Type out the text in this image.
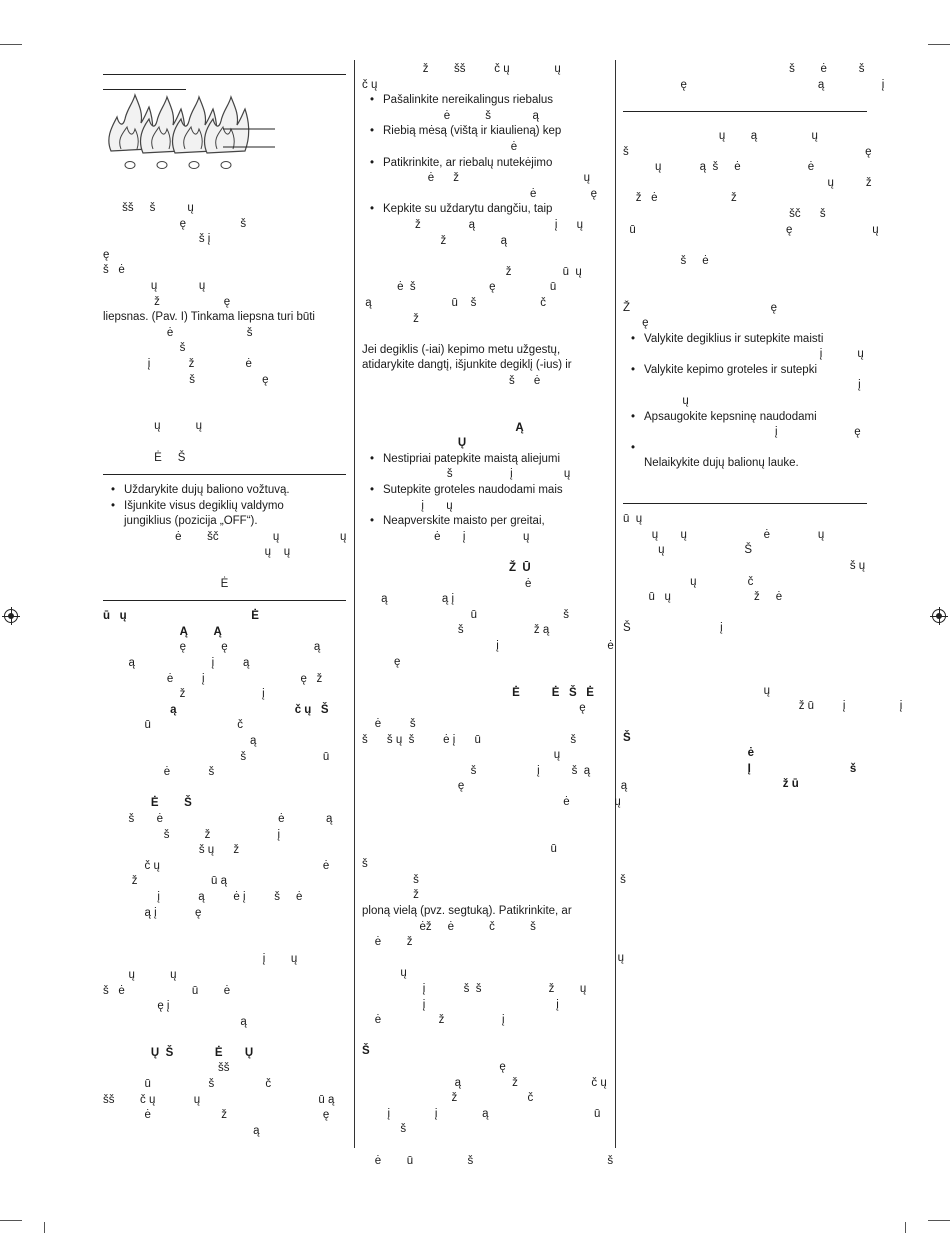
šš     š          ų
ę                 š
š į
ę
š   ė
ų             ų
ž                    ę
liepsnas. (Pav. I) Tinkama liepsna turi būti
ė                       š
š
į            ž                ė
š                     ę
ų           ų
Ė     Š
• Uždarykite dujų baliono vožtuvą.
• Išjunkite visus degiklių valdymo
jungiklius (pozicija „OFF“).
ė        šč                 ų                   ų
ų    ų
Ė
ū   ų                                       Ė
Ą        Ą
ę           ę                           ą
ą                        į         ą
ė         į                              ę   ž
ž                        į
ą                                     č ų   Š
ū                           č
ą
š                        ū
ė            š
Ė        Š
š       ė                                    ė             ą
š           ž                     į
š ų      ž
č ų                                                   ė
ž                       ū ą
į            ą         ė į         š     ė
ą į            ę
į        ų
ų           ų
š   ė                     ū        ė
ę į
ą
Ų  Š             Ė       Ų
šš
ū                  š                č
šš        č ų            ų                                     ū ą
ė                      ž                              ę
ą
ž        šš         č ų              ų
č ų
• Pašalinkite nereikalingus riebalus
ė           š             ą
• Riebią mėsą (vištą ir kiaulieną) kep
ė
• Patikrinkite, ar riebalų nutekėjimo
ė      ž                                       ų
ė                 ę
• Kepkite su uždarytu dangčiu, taip
ž               ą                         į      ų
ž                 ą
ž                ū  ų
ė  š                       ę                 ū
ą                         ū    š                    č
ž
Jei degiklis (-iai) kepimo metu užgestų,
atidarykite dangtį, išjunkite degiklį (-ius) ir
š      ė
Ą
Ų
• Nestipriai patepkite maistą aliejumi
š                  į                ų
• Sutepkite groteles naudodami mais
į       ų
• Neapverskite maisto per greitai,
ė       į                  ų
Ž  Ū
ė
ą                 ą į
ū                           š
š                      ž ą
į                                  ė
ę
Ė          Ė   Š   Ė
ę
ė         š
š      š ų  š         ė į      ū                            š
ų
š                   į          š  ą
ę                                                 ą
ė              ų
ū
š
š                                                               š
ž
ploną vielą (pvz. segtuką). Patikrinkite, ar
ėž     ė           č           š
ė        ž
ų
ų
į            š  š                     ž        ų
į                                         į
ė                  ž                  į
Š
ę
ą                ž                       č ų
ž                      č
į              į              ą                                 ū
š
ė        ū                 š                                          š
š        ė          š
ę                                         ą                  į
ų        ą                 ų
š                                                                          ę
ų            ą  š     ė                     ė
ų          ž
ž   ė                       ž
šč      š
ū                                               ę                         ų
š     ė
Ž                                            ę
ę
• Valykite degiklius ir sutepkite maisti
į           ų
• Valykite kepimo groteles ir sutepki
į
ų
• Apsaugokite kepsninę naudodami
į                        ę
• Nelaikykite dujų balionų lauke.
ū  ų
ų       ų                        ė               ų
ų                         Š
š ų
ų                č
ū   ų                          ž     ė
Š                            į
ų
ž ū         į                 į
Š
ė
Į                               š
ž ū
